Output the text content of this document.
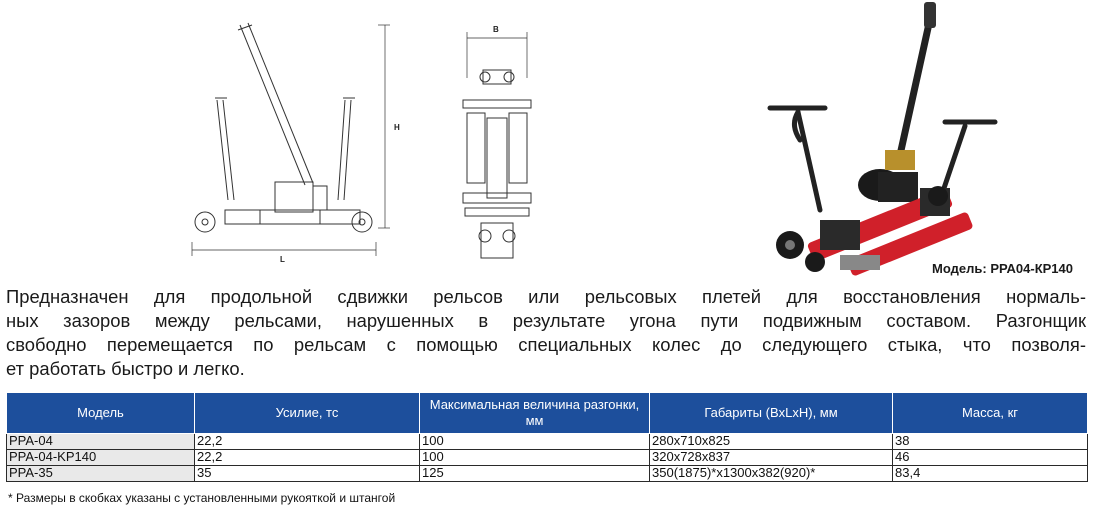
H
L
B
Модель: РРА04-КР140
Предназначен для продольной сдвижки рельсов или рельсовых плетей для восстановления нормаль-
ных зазоров между рельсами, нарушенных в результате угона пути подвижным составом. Разгонщик
свободно перемещается по рельсам с помощью специальных колес до следующего стыка, что позволя-
ет работать быстро и легко.
Модель	Усилие, тс	Максимальная величина разгонки, мм	Габариты (BxLxH), мм	Масса, кг
PPA-04	22,2	100	280x710x825	38
PPA-04-KP140	22,2	100	320x728x837	46
PPA-35	35	125	350(1875)*x1300x382(920)*	83,4
* Размеры в скобках указаны с установленными рукояткой и штангой
